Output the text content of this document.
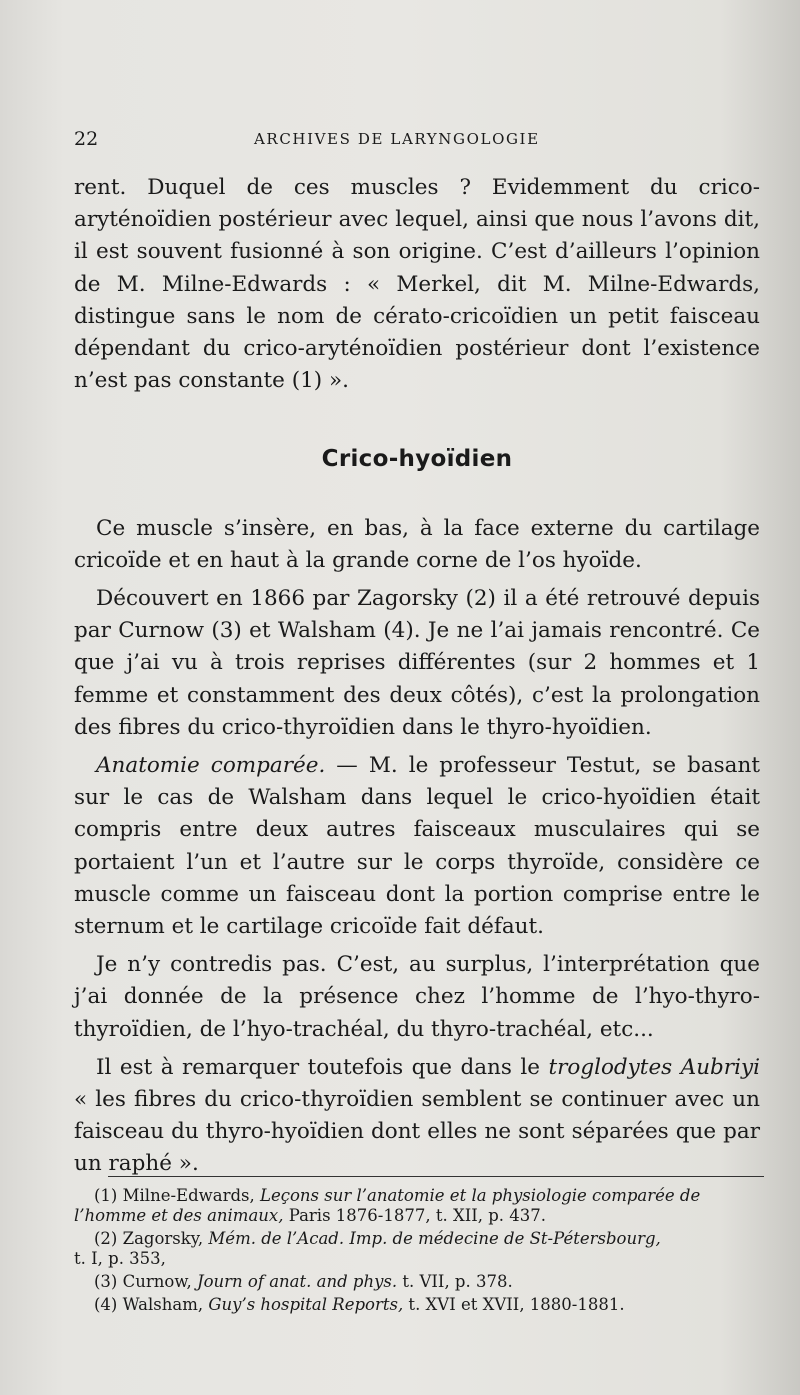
22	ARCHIVES DE LARYNGOLOGIE

rent. Duquel de ces muscles ? Evidemment du crico-aryténoïdien postérieur avec lequel, ainsi que nous l’avons dit, il est souvent fusionné à son origine. C’est d’ailleurs l’opinion de M. Milne-Edwards : « Merkel, dit M. Milne-Edwards, distingue sans le nom de cérato-cricoïdien un petit faisceau dépendant du crico-aryténoïdien postérieur dont l’existence n’est pas constante (1) ».

Crico-hyoïdien

Ce muscle s’insère, en bas, à la face externe du cartilage cricoïde et en haut à la grande corne de l’os hyoïde.

Découvert en 1866 par Zagorsky (2) il a été retrouvé depuis par Curnow (3) et Walsham (4). Je ne l’ai jamais rencontré. Ce que j’ai vu à trois reprises différentes (sur 2 hommes et 1 femme et constamment des deux côtés), c’est la prolongation des fibres du crico-thyroïdien dans le thyro-hyoïdien.

Anatomie comparée. — M. le professeur Testut, se basant sur le cas de Walsham dans lequel le crico-hyoïdien était compris entre deux autres faisceaux musculaires qui se portaient l’un et l’autre sur le corps thyroïde, considère ce muscle comme un faisceau dont la portion comprise entre le sternum et le cartilage cricoïde fait défaut.

Je n’y contredis pas. C’est, au surplus, l’interprétation que j’ai donnée de la présence chez l’homme de l’hyo-thyro-thyroïdien, de l’hyo-trachéal, du thyro-trachéal, etc...

Il est à remarquer toutefois que dans le troglodytes Aubriyi « les fibres du crico-thyroïdien semblent se continuer avec un faisceau du thyro-hyoïdien dont elles ne sont séparées que par un raphé ».

(1) Milne-Edwards, Leçons sur l’anatomie et la physiologie comparée de l’homme et des animaux, Paris 1876-1877, t. XII, p. 437.
(2) Zagorsky, Mém. de l’Acad. Imp. de médecine de St-Pétersbourg,
t. I, p. 353,
(3) Curnow, Journ of anat. and phys. t. VII, p. 378.
(4) Walsham, Guy’s hospital Reports, t. XVI et XVII, 1880-1881.
